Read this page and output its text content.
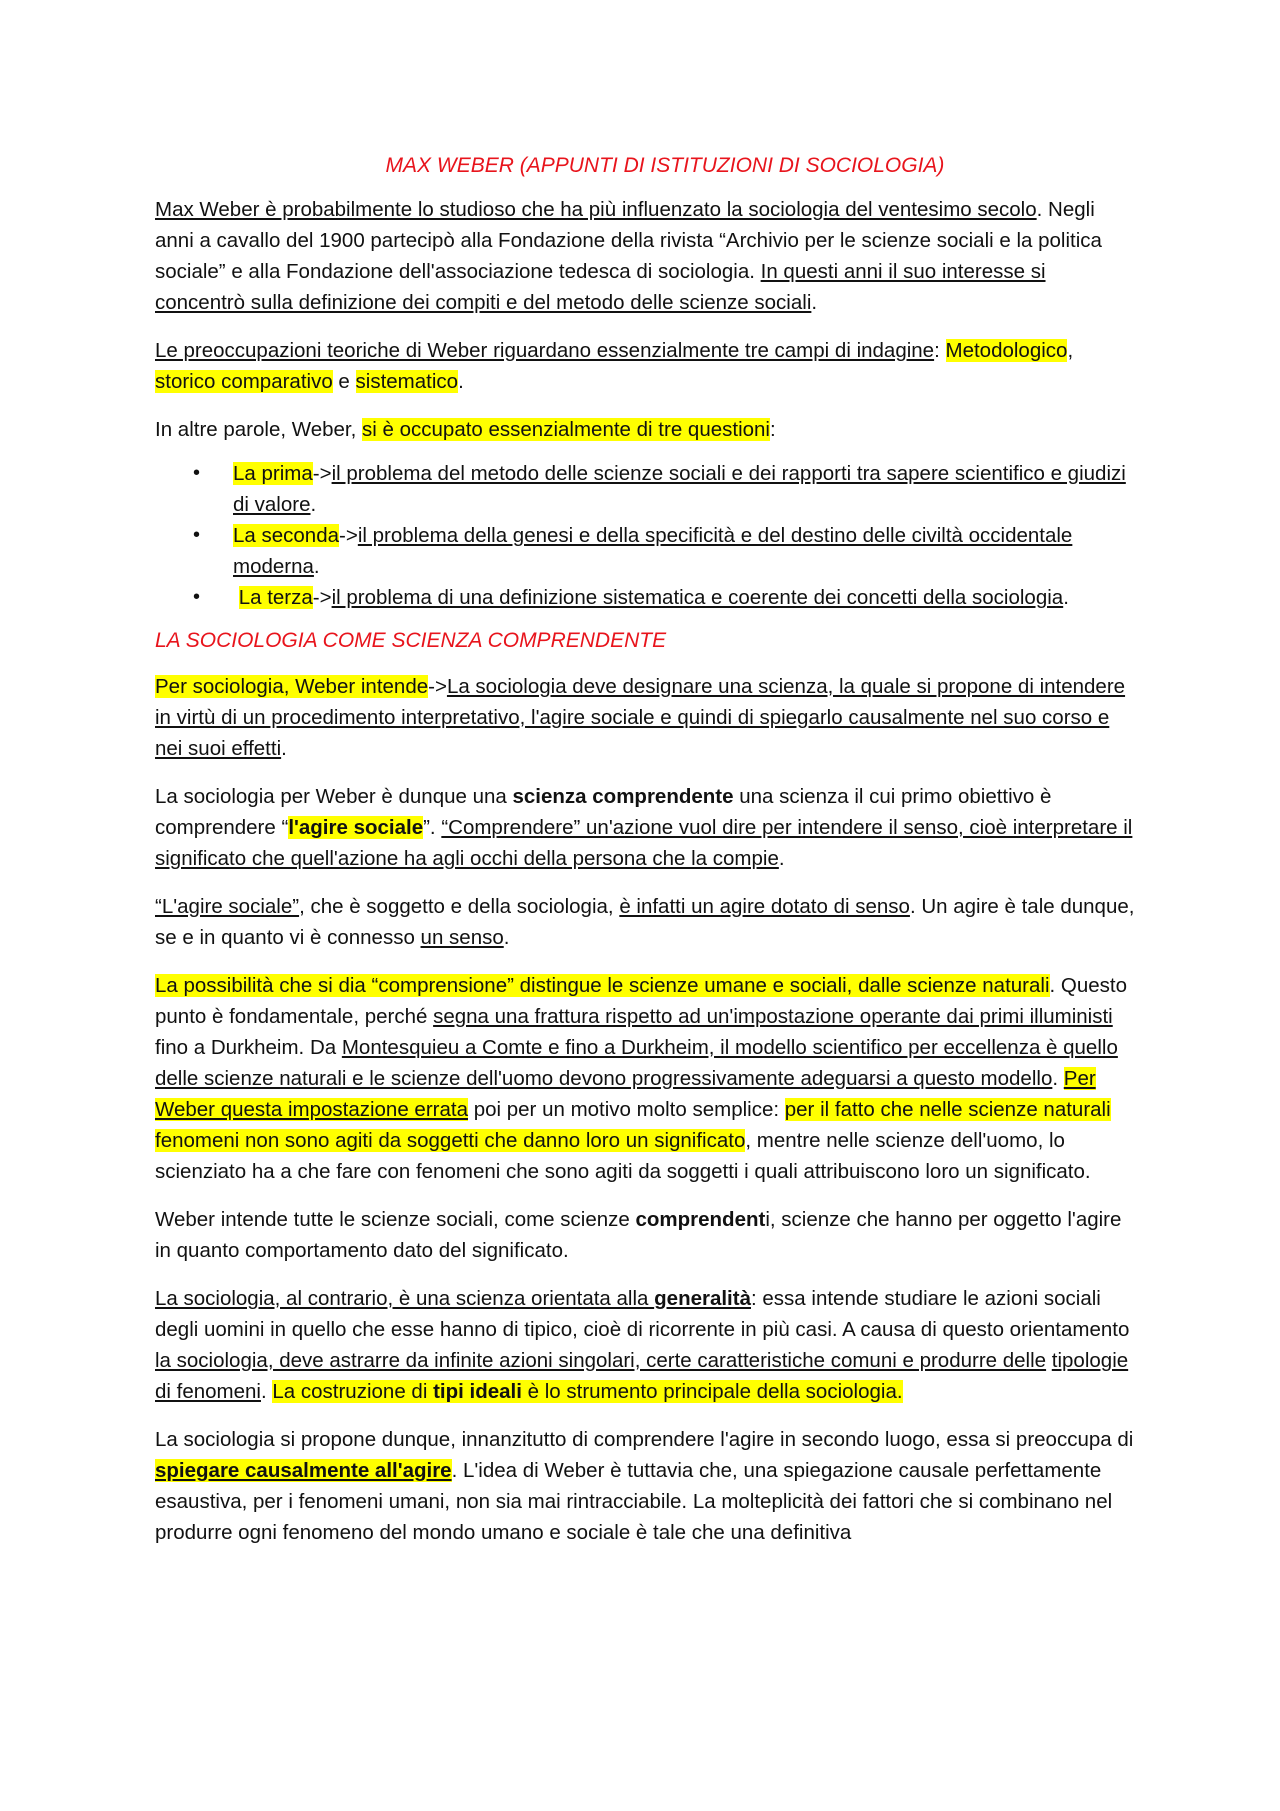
MAX WEBER (APPUNTI DI ISTITUZIONI DI SOCIOLOGIA)

Max Weber è probabilmente lo studioso che ha più influenzato la sociologia del ventesimo secolo. Negli anni a cavallo del 1900 partecipò alla Fondazione della rivista “Archivio per le scienze sociali e la politica sociale” e alla Fondazione dell'associazione tedesca di sociologia. In questi anni il suo interesse si concentrò sulla definizione dei compiti e del metodo delle scienze sociali.

Le preoccupazioni teoriche di Weber riguardano essenzialmente tre campi di indagine: Metodologico, storico comparativo e sistematico.

In altre parole, Weber, si è occupato essenzialmente di tre questioni:

• La prima->il problema del metodo delle scienze sociali e dei rapporti tra sapere scientifico e giudizi di valore.
• La seconda->il problema della genesi e della specificità e del destino delle civiltà occidentale moderna.
• La terza->il problema di una definizione sistematica e coerente dei concetti della sociologia.
LA SOCIOLOGIA COME SCIENZA COMPRENDENTE

Per sociologia, Weber intende->La sociologia deve designare una scienza, la quale si propone di intendere in virtù di un procedimento interpretativo, l'agire sociale e quindi di spiegarlo causalmente nel suo corso e nei suoi effetti.

La sociologia per Weber è dunque una scienza comprendente una scienza il cui primo obiettivo è comprendere “l'agire sociale”. “Comprendere” un'azione vuol dire per intendere il senso, cioè interpretare il significato che quell'azione ha agli occhi della persona che la compie.

“L'agire sociale”, che è soggetto e della sociologia, è infatti un agire dotato di senso. Un agire è tale dunque, se e in quanto vi è connesso un senso.

La possibilità che si dia “comprensione” distingue le scienze umane e sociali, dalle scienze naturali. Questo punto è fondamentale, perché segna una frattura rispetto ad un'impostazione operante dai primi illuministi fino a Durkheim. Da Montesquieu a Comte e fino a Durkheim, il modello scientifico per eccellenza è quello delle scienze naturali e le scienze dell'uomo devono progressivamente adeguarsi a questo modello. Per Weber questa impostazione errata poi per un motivo molto semplice: per il fatto che nelle scienze naturali fenomeni non sono agiti da soggetti che danno loro un significato, mentre nelle scienze dell'uomo, lo scienziato ha a che fare con fenomeni che sono agiti da soggetti i quali attribuiscono loro un significato.

Weber intende tutte le scienze sociali, come scienze comprendenti, scienze che hanno per oggetto l'agire in quanto comportamento dato del significato.

La sociologia, al contrario, è una scienza orientata alla generalità: essa intende studiare le azioni sociali degli uomini in quello che esse hanno di tipico, cioè di ricorrente in più casi. A causa di questo orientamento la sociologia, deve astrarre da infinite azioni singolari, certe caratteristiche comuni e produrre delle tipologie di fenomeni. La costruzione di tipi ideali è lo strumento principale della sociologia.

La sociologia si propone dunque, innanzitutto di comprendere l'agire in secondo luogo, essa si preoccupa di spiegare causalmente all'agire. L'idea di Weber è tuttavia che, una spiegazione causale perfettamente esaustiva, per i fenomeni umani, non sia mai rintracciabile. La molteplicità dei fattori che si combinano nel produrre ogni fenomeno del mondo umano e sociale è tale che una definitiva
